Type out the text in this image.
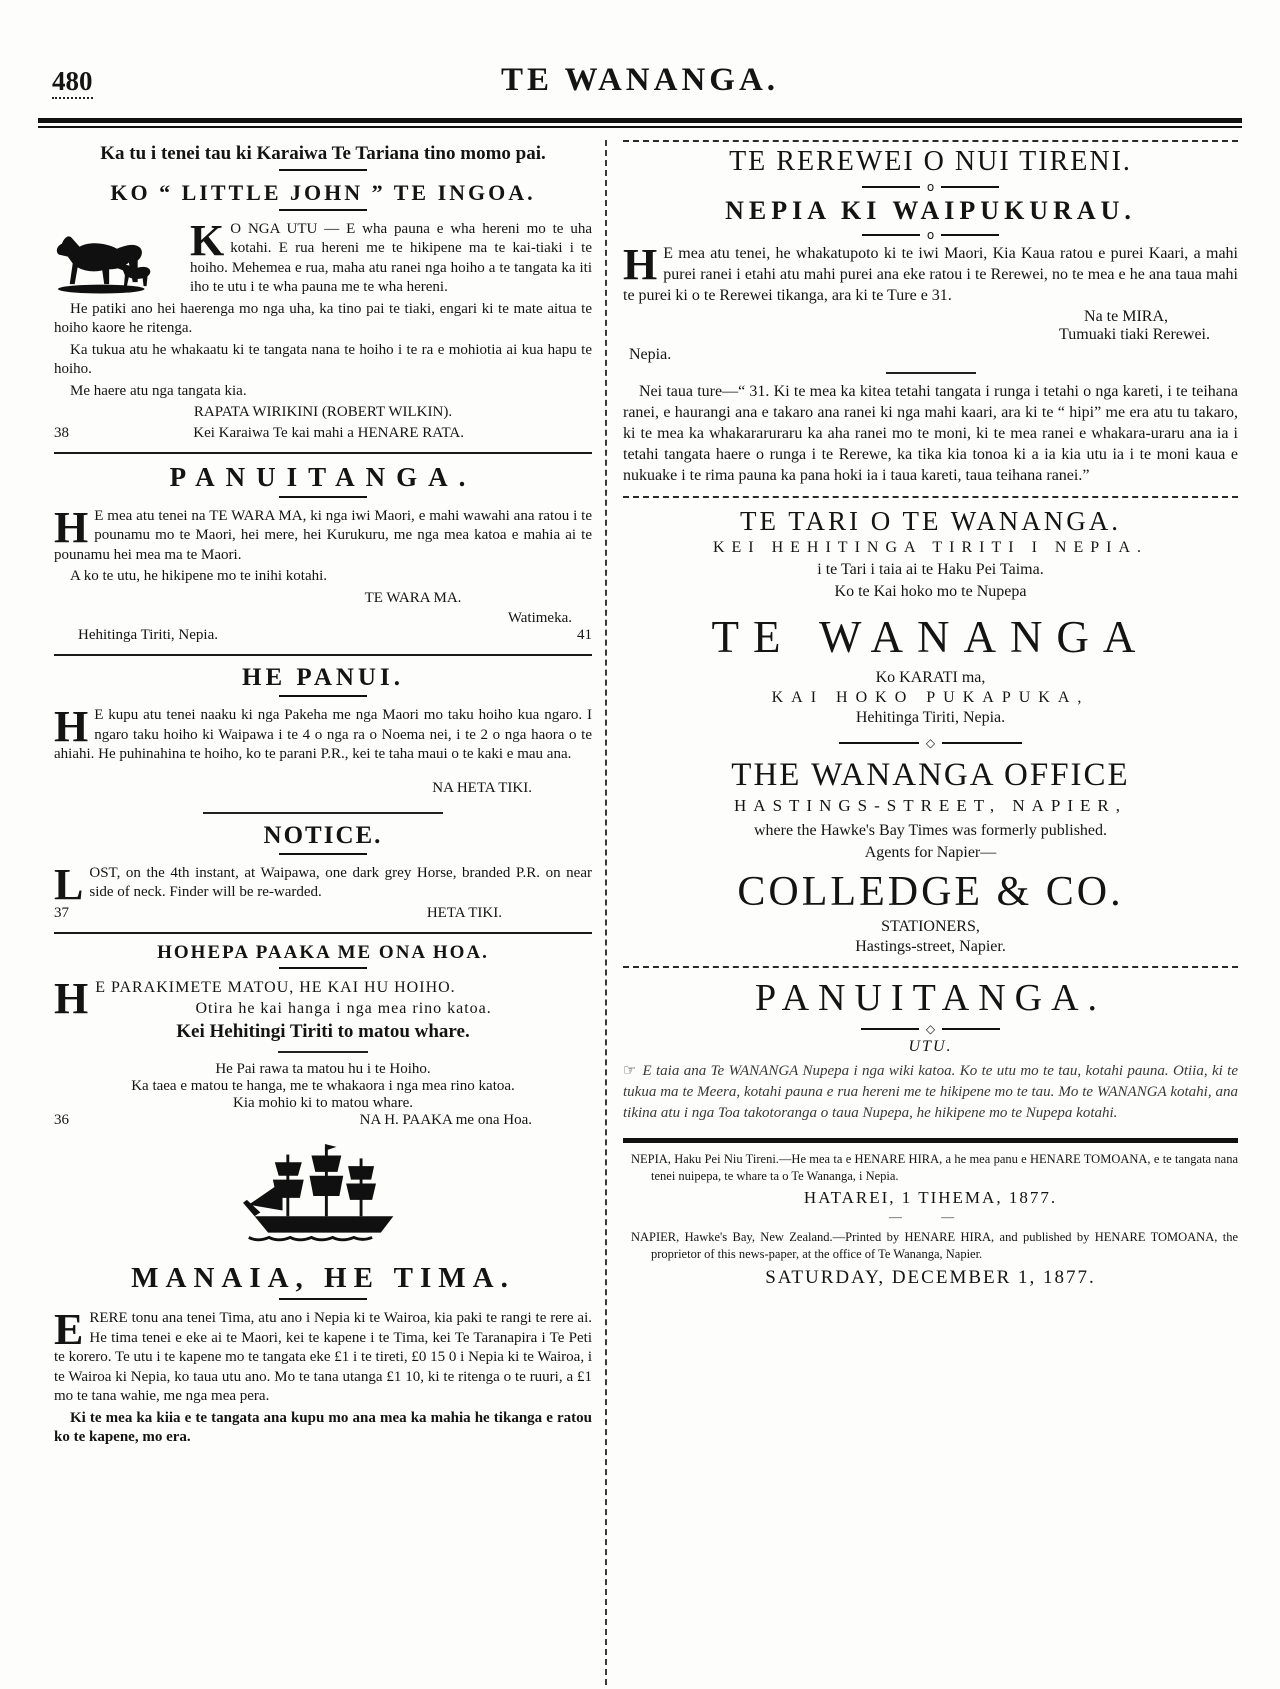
480	TE WANANGA.

Ka tu i tenei tau ki Karaiwa Te Tariana tino momo pai.

KO “ LITTLE JOHN ” TE INGOA.

K O NGA UTU — E wha pauna e wha hereni mo te uha kotahi. E rua hereni me te hikipene ma te kai-tiaki i te hoiho. Mehemea e rua, maha atu ranei nga hoiho a te tangata ka iti iho te utu i te wha pauna me te wha hereni.

He patiki ano hei haerenga mo nga uha, ka tino pai te tiaki, engari ki te mate aitua te hoiho kaore he ritenga.

Ka tukua atu he whakaatu ki te tangata nana te hoiho i te ra e mohiotia ai kua hapu te hoiho.

Me haere atu nga tangata kia.

RAPATA WIRIKINI (ROBERT WILKIN).

38	Kei Karaiwa Te kai mahi a HENARE RATA.

PANUITANGA.

H E mea atu tenei na TE WARA MA, ki nga iwi Maori, e mahi wawahi ana ratou i te pounamu mo te Maori, hei mere, hei Kurukuru, me nga mea katoa e mahia ai te pounamu hei mea ma te Maori.

A ko te utu, he hikipene mo te inihi kotahi.

TE WARA MA.

Watimeka.

Hehitinga Tiriti, Nepia.	41
HE PANUI.

H E kupu atu tenei naaku ki nga Pakeha me nga Maori mo taku hoiho kua ngaro. I ngaro taku hoiho ki Waipawa i te 4 o nga ra o Noema nei, i te 2 o nga haora o te ahiahi. He puhinahina te hoiho, ko te parani P.R., kei te taha maui o te kaki e mau ana.

NA HETA TIKI.

NOTICE.

LOST, on the 4th instant, at Waipawa, one dark grey Horse, branded P.R. on near side of neck. Finder will be re-warded.

37	HETA TIKI.
HOHEPA PAAKA ME ONA HOA.

H E PARAKIMETE MATOU, HE KAI HU HOIHO.

Otira he kai hanga i nga mea rino katoa.

Kei Hehitingi Tiriti to matou whare.

He Pai rawa ta matou hu i te Hoiho.

Ka taea e matou te hanga, me te whakaora i nga mea rino katoa.

Kia mohio ki to matou whare.

36	NA H. PAAKA me ona Hoa.
MANAIA, HE TIMA.

ERERE tonu ana tenei Tima, atu ano i Nepia ki te Wairoa, kia paki te rangi te rere ai. He tima tenei e eke ai te Maori, kei te kapene i te Tima, kei Te Taranapira i Te Peti te korero. Te utu i te kapene mo te tangata eke £1 i te tireti, £0 15 0 i Nepia ki te Wairoa, i te Wairoa ki Nepia, ko taua utu ano. Mo te tana utanga £1 10, ki te ritenga o te ruuri, a £1 mo te tana wahie, me nga mea pera.

Ki te mea ka kiia e te tangata ana kupu mo ana mea ka mahia he tikanga e ratou ko te kapene, mo era.

TE REREWEI O NUI TIRENI.
o
NEPIA KI WAIPUKURAU.
o

H E mea atu tenei, he whakatupoto ki te iwi Maori, Kia Kaua ratou e purei Kaari, a mahi purei ranei i etahi atu mahi purei ana eke ratou i te Rerewei, no te mea e he ana taua mahi te purei ki o te Rerewei tikanga, ara ki te Ture e 31.

Na te MIRA,

Tumuaki tiaki Rerewei.

Nepia.

Nei taua ture—“ 31. Ki te mea ka kitea tetahi tangata i runga i tetahi o nga kareti, i te teihana ranei, e haurangi ana e takaro ana ranei ki nga mahi kaari, ara ki te “ hipi” me era atu tu takaro, ki te mea ka whakararuraru ka aha ranei mo te moni, ki te mea ranei e whakara-uraru ana ia i tetahi tangata haere o runga i te Rerewe, ka tika kia tonoa ki a ia kia utu ia i te moni kaua e nukuake i te rima pauna ka pana hoki ia i taua kareti, taua teihana ranei.”

TE TARI O TE WANANGA.

KEI HEHITINGA TIRITI I NEPIA.

i te Tari i taia ai te Haku Pei Taima.

Ko te Kai hoko mo te Nupepa

TE WANANGA

Ko KARATI ma,

KAI HOKO PUKAPUKA,

Hehitinga Tiriti, Nepia.

◇
THE WANANGA OFFICE

HASTINGS-STREET, NAPIER,

where the Hawke's Bay Times was formerly published.

Agents for Napier—

COLLEDGE & CO.

STATIONERS,

Hastings-street, Napier.

PANUITANGA.
◇

UTU.

☞ E taia ana Te WANANGA Nupepa i nga wiki katoa. Ko te utu mo te tau, kotahi pauna. Otiia, ki te tukua ma te Meera, kotahi pauna e rua hereni me te hikipene mo te tau. Mo te WANANGA kotahi, ana tikina atu i nga Toa takotoranga o taua Nupepa, he hikipene mo te Nupepa kotahi.

NEPIA, Haku Pei Niu Tireni.—He mea ta e HENARE HIRA, a he mea panu e HENARE TOMOANA, e te tangata nana tenei nuipepa, te whare ta o Te Wananga, i Nepia.

HATAREI, 1 TIHEMA, 1877.

— —

NAPIER, Hawke's Bay, New Zealand.—Printed by HENARE HIRA, and published by HENARE TOMOANA, the proprietor of this news-paper, at the office of Te Wananga, Napier.

SATURDAY, DECEMBER 1, 1877.
